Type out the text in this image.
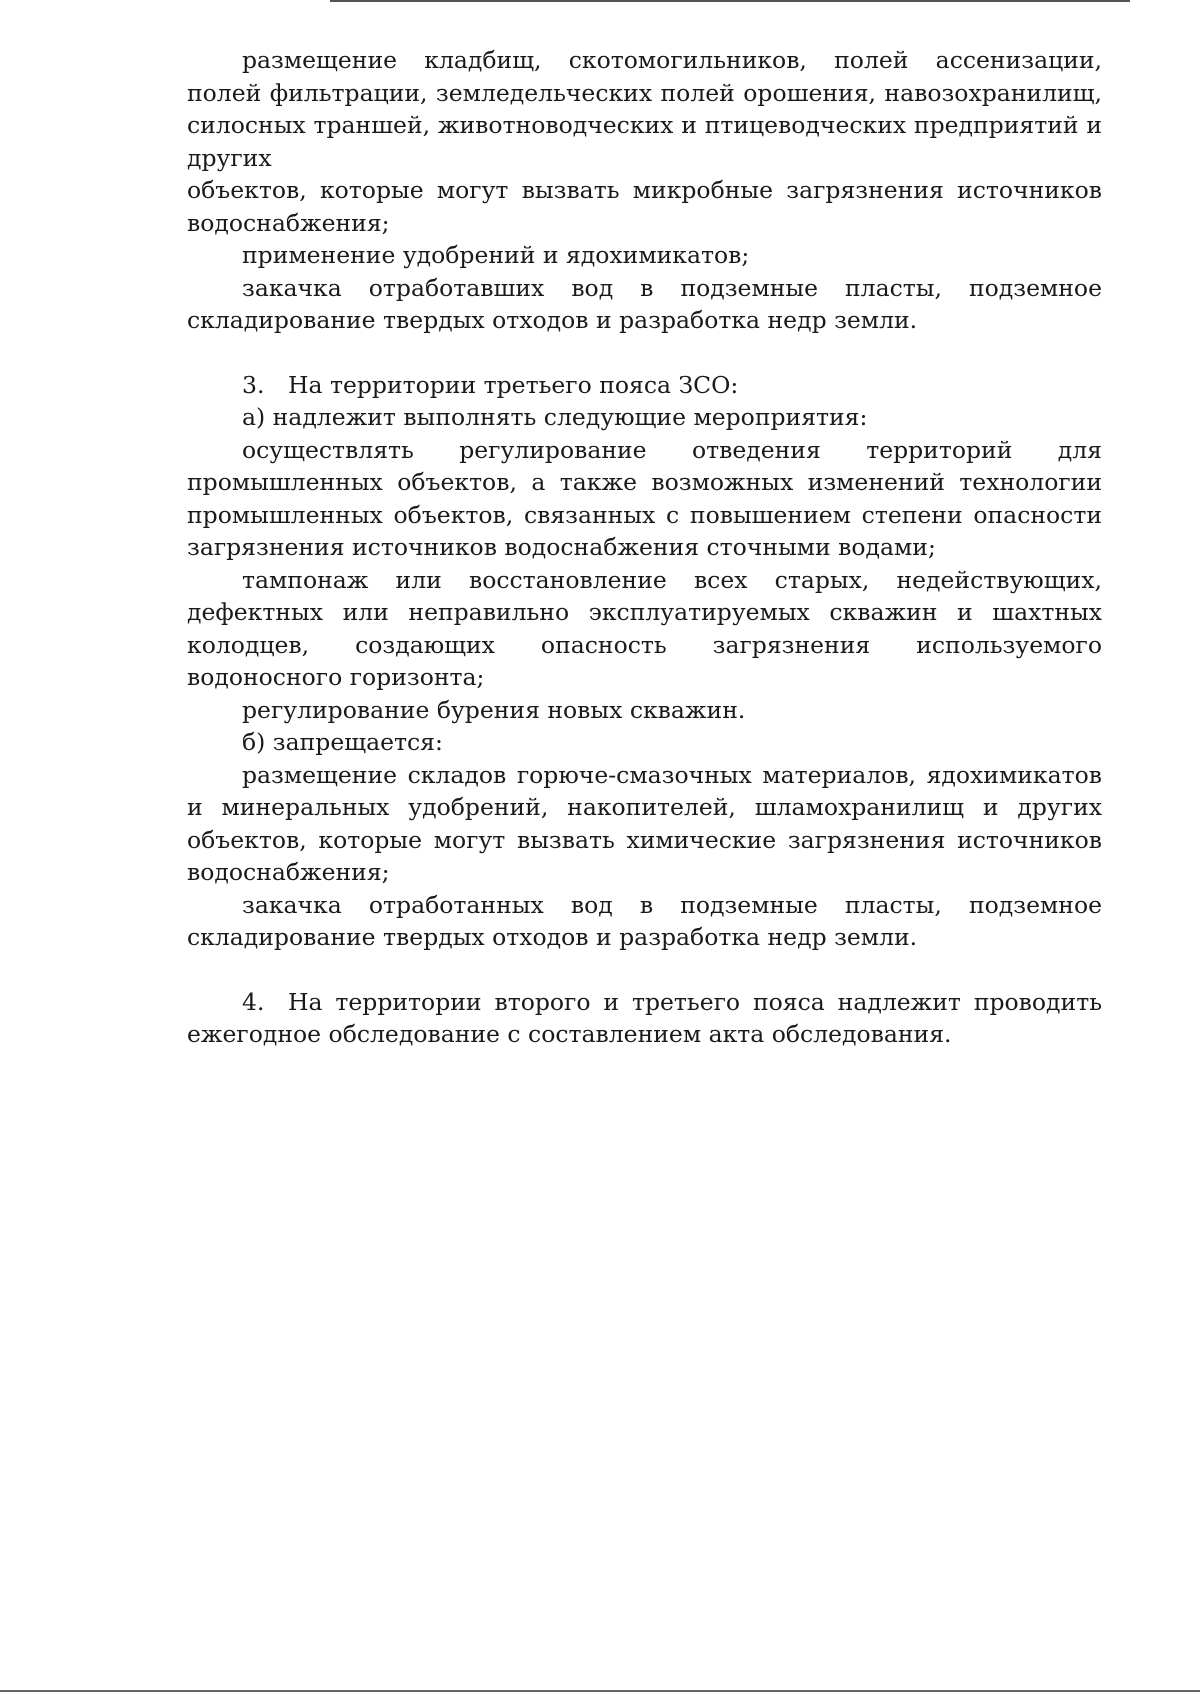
размещение кладбищ, скотомогильников, полей ассенизации, полей фильтрации, земледельческих полей орошения, навозохранилищ, силосных траншей, животноводческих и птицеводческих предприятий и других

объектов, которые могут вызвать микробные загрязнения источников водоснабжения;

применение удобрений и ядохимикатов;

закачка отработавших вод в подземные пласты, подземное складирование твердых отходов и разработка недр земли.

3. На территории третьего пояса ЗСО:

а) надлежит выполнять следующие мероприятия:

осуществлять регулирование отведения территорий для промышленных объектов, а также возможных изменений технологии промышленных объектов, связанных с повышением степени опасности загрязнения источников водоснабжения сточными водами;

тампонаж или восстановление всех старых, недействующих, дефектных или неправильно эксплуатируемых скважин и шахтных колодцев, создающих опасность загрязнения используемого водоносного горизонта;

регулирование бурения новых скважин.

б) запрещается:

размещение складов горюче-смазочных материалов, ядохимикатов и минеральных удобрений, накопителей, шламохранилищ и других объектов, которые могут вызвать химические загрязнения источников водоснабжения;

закачка отработанных вод в подземные пласты, подземное складирование твердых отходов и разработка недр земли.

4. На территории второго и третьего пояса надлежит проводить ежегодное обследование с составлением акта обследования.
